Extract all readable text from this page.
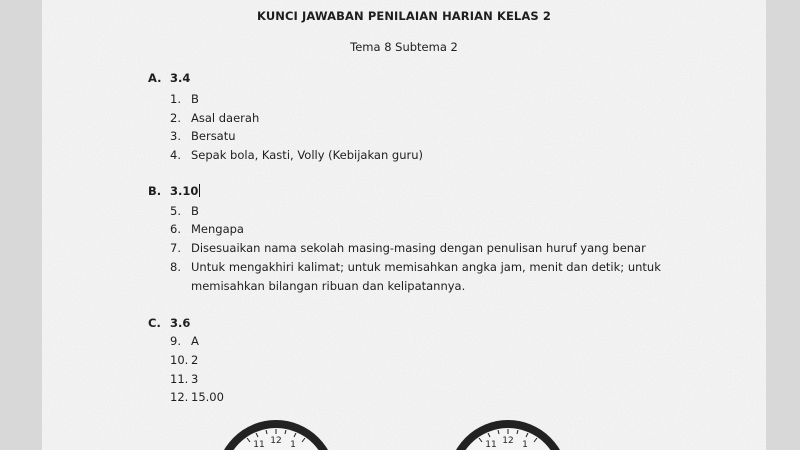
KUNCI JAWABAN PENILAIAN HARIAN KELAS 2
Tema 8 Subtema 2
A. 3.4
1. B
2. Asal daerah
3. Bersatu
4. Sepak bola, Kasti, Volly (Kebijakan guru)
B. 3.10
5. B
6. Mengapa
7. Disesuaikan nama sekolah masing-masing dengan penulisan huruf yang benar
8. Untuk mengakhiri kalimat; untuk memisahkan angka jam, menit dan detik; untuk
memisahkan bilangan ribuan dan kelipatannya.
C. 3.6
9. A
10. 2
11. 3
12. 15.00
11 12 1	11 12 1
